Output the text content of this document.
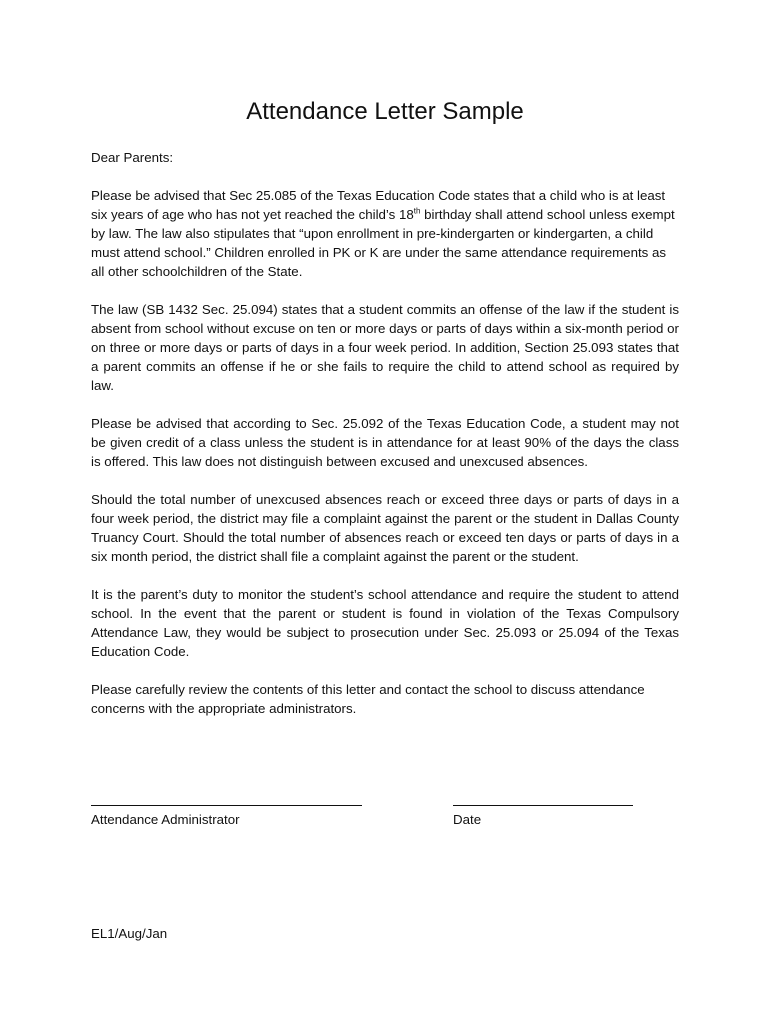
Attendance Letter Sample

Dear Parents:

Please be advised that Sec 25.085 of the Texas Education Code states that a child who is at least six years of age who has not yet reached the child’s 18th birthday shall attend school unless exempt by law. The law also stipulates that “upon enrollment in pre-kindergarten or kindergarten, a child must attend school.” Children enrolled in PK or K are under the same attendance requirements as all other schoolchildren of the State.

The law (SB 1432 Sec. 25.094) states that a student commits an offense of the law if the student is absent from school without excuse on ten or more days or parts of days within a six-month period or on three or more days or parts of days in a four week period. In addition, Section 25.093 states that a parent commits an offense if he or she fails to require the child to attend school as required by law.

Please be advised that according to Sec. 25.092 of the Texas Education Code, a student may not be given credit of a class unless the student is in attendance for at least 90% of the days the class is offered. This law does not distinguish between excused and unexcused absences.

Should the total number of unexcused absences reach or exceed three days or parts of days in a four week period, the district may file a complaint against the parent or the student in Dallas County Truancy Court. Should the total number of absences reach or exceed ten days or parts of days in a six month period, the district shall file a complaint against the parent or the student.

It is the parent’s duty to monitor the student’s school attendance and require the student to attend school. In the event that the parent or student is found in violation of the Texas Compulsory Attendance Law, they would be subject to prosecution under Sec. 25.093 or 25.094 of the Texas Education Code.

Please carefully review the contents of this letter and contact the school to discuss attendance concerns with the appropriate administrators.

Attendance Administrator	Date
EL1/Aug/Jan
